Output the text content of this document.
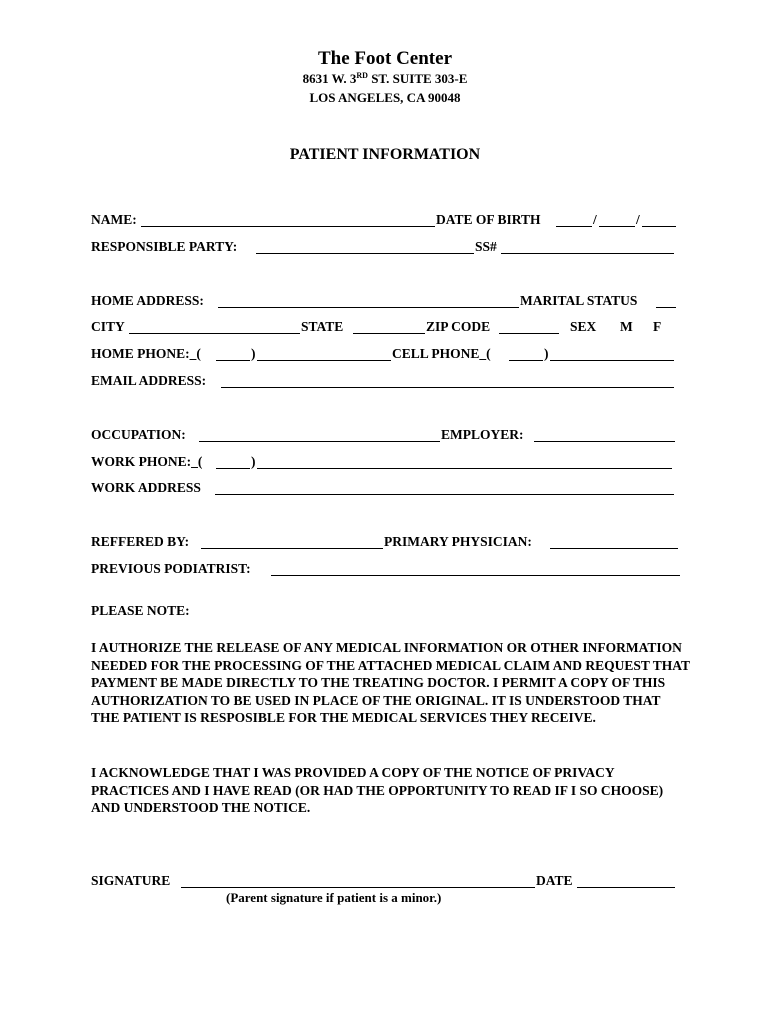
The Foot Center
8631 W. 3RD ST. SUITE 303-E
LOS ANGELES, CA 90048
PATIENT INFORMATION
NAME:	DATE OF BIRTH	/	/
RESPONSIBLE PARTY:	SS#
HOME ADDRESS:	MARITAL STATUS
CITY	STATE	ZIP CODE	SEX M F
HOME PHONE:_(	)	CELL PHONE_(	)
EMAIL ADDRESS:
OCCUPATION:	EMPLOYER:
WORK PHONE:_(	)
WORK ADDRESS
REFFERED BY:	PRIMARY PHYSICIAN:
PREVIOUS PODIATRIST:
PLEASE NOTE:
I AUTHORIZE THE RELEASE OF ANY MEDICAL INFORMATION OR OTHER INFORMATION NEEDED FOR THE PROCESSING OF THE ATTACHED MEDICAL CLAIM AND REQUEST THAT PAYMENT BE MADE DIRECTLY TO THE TREATING DOCTOR. I PERMIT A COPY OF THIS AUTHORIZATION TO BE USED IN PLACE OF THE ORIGINAL. IT IS UNDERSTOOD THAT THE PATIENT IS RESPOSIBLE FOR THE MEDICAL SERVICES THEY RECEIVE.
I ACKNOWLEDGE THAT I WAS PROVIDED A COPY OF THE NOTICE OF PRIVACY PRACTICES AND I HAVE READ (OR HAD THE OPPORTUNITY TO READ IF I SO CHOOSE) AND UNDERSTOOD THE NOTICE.
SIGNATURE	DATE
(Parent signature if patient is a minor.)
